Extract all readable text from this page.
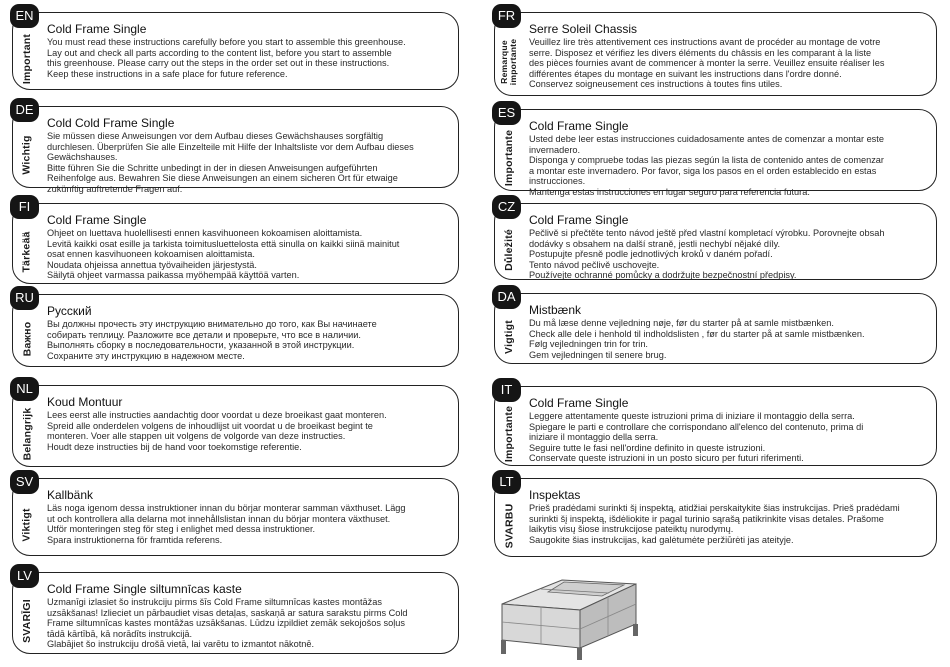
EN
Important
Cold Frame Single

You must read these instructions carefully before you start to assemble this greenhouse.

Lay out and check all parts according to the content list, before you start to assemble

this greenhouse. Please carry out the steps in the order set out in these instructions.

Keep these instructions in a safe place for future reference.

DE
Wichtig
Cold Cold Frame Single

Sie müssen diese Anweisungen vor dem Aufbau dieses Gewächshauses sorgfältig

durchlesen. Überprüfen Sie alle Einzelteile mit Hilfe der Inhaltsliste vor dem Aufbau dieses

Gewächshauses.

Bitte führen Sie die Schritte unbedingt in der in diesen Anweisungen aufgeführten

Reihenfolge aus. Bewahren Sie diese Anweisungen an einem sicheren Ort für etwaige

zukünftig auftretende Fragen auf.

FI
Tärkeää
Cold Frame Single

Ohjeet on luettava huolellisesti ennen kasvihuoneen kokoamisen aloittamista.

Levitä kaikki osat esille ja tarkista toimitusluettelosta että sinulla on kaikki siinä mainitut

osat ennen kasvihuoneen kokoamisen aloittamista.

Noudata ohjeissa annettua työvaiheiden järjestystä.

Säilytä ohjeet varmassa paikassa myöhempää käyttöä varten.

RU
Важно
Русский

Вы должны прочесть эту инструкцию внимательно до того, как Вы начинаете

собирать теплицу. Разложите все детали и проверьте, что все в наличии.

Выполнять сборку в последовательности, указанной в этой инструкции.

Сохраните эту инструкцию в надежном месте.

NL
Belangrijk
Koud Montuur

Lees eerst alle instructies aandachtig door voordat u deze broeikast gaat monteren.

Spreid alle onderdelen volgens de inhoudlijst uit voordat u de broeikast begint te

monteren. Voer alle stappen uit volgens de volgorde van deze instructies.

Houdt deze instructies bij de hand voor toekomstige referentie.

SV
Viktigt
Kallbänk

Läs noga igenom dessa instruktioner innan du börjar monterar samman växthuset. Lägg

ut och kontrollera alla delarna mot innehållslistan innan du börjar montera växthuset.

Utför monteringen steg för steg i enlighet med dessa instruktioner.

Spara instruktionerna för framtida referens.

LV
SVARĪGI
Cold Frame Single siltumnīcas kaste

Uzmanīgi izlasiet šo instrukciju pirms šīs Cold Frame siltumnīcas kastes montāžas

uzsākšanas! Izlieciet un pārbaudiet visas detaļas, saskaņā ar satura sarakstu pirms Cold

Frame siltumnīcas kastes montāžas uzsākšanas. Lūdzu izpildiet zemāk sekojošos soļus

tādā kārtībā, kā norādīts instrukcijā.

Glabājiet šo instrukciju drošā vietā, lai varētu to izmantot nākotnē.

FR
Remarque importante
Serre Soleil Chassis

Veuillez lire très attentivement ces instructions avant de procéder au montage de votre

serre. Disposez et vérifiez les divers éléments du châssis en les comparant à la liste

des pièces fournies avant de commencer à monter la serre. Veuillez ensuite réaliser les

différentes étapes du montage en suivant les instructions dans l'ordre donné.

Conservez soigneusement ces instructions à toutes fins utiles.

ES
Importante
Cold Frame Single

Usted debe leer estas instrucciones cuidadosamente antes de comenzar a montar este

invernadero.

Disponga y compruebe todas las piezas según la lista de contenido antes de comenzar

a montar este invernadero. Por favor, siga los pasos en el orden establecido en estas

instrucciones.

Mantenga estas instrucciones en lugar seguro para referencia futura.

CZ
Důležité
Cold Frame Single

Pečlivě si přečtěte tento návod ještě před vlastní kompletací výrobku. Porovnejte obsah

dodávky s obsahem na další straně, jestli nechybí nějaké díly.

Postupujte přesně podle jednotlivých kroků v daném pořadí.

Tento návod pečlivě uschovejte.

Používejte ochranné pomůcky a dodržujte bezpečnostní předpisy.

DA
Vigtigt
Mistbænk

Du må læse denne vejledning nøje, før du starter på at samle mistbænken.

Check alle dele i henhold til indholdslisten , før du starter på at samle mistbænken.

Følg vejledningen trin for trin.

Gem vejledningen til senere brug.

IT
Importante
Cold Frame Single

Leggere attentamente queste istruzioni prima di iniziare il montaggio della serra.

Spiegare le parti e controllare che corrispondano all'elenco del contenuto, prima di

iniziare il montaggio della serra.

Seguire tutte le fasi nell'ordine definito in queste istruzioni.

Conservate queste istruzioni in un posto sicuro per futuri riferimenti.

LT
SVARBU
Inspektas

Prieš pradėdami surinkti šį inspektą, atidžiai perskaitykite šias instrukcijas. Prieš pradėdami

surinkti šį inspektą, išdėliokite ir pagal turinio sąrašą patikrinkite visas detales. Prašome

laikytis visų šiose instrukcijose pateiktų nurodymų.

Saugokite šias instrukcijas, kad galėtumėte peržiūrėti jas ateityje.
